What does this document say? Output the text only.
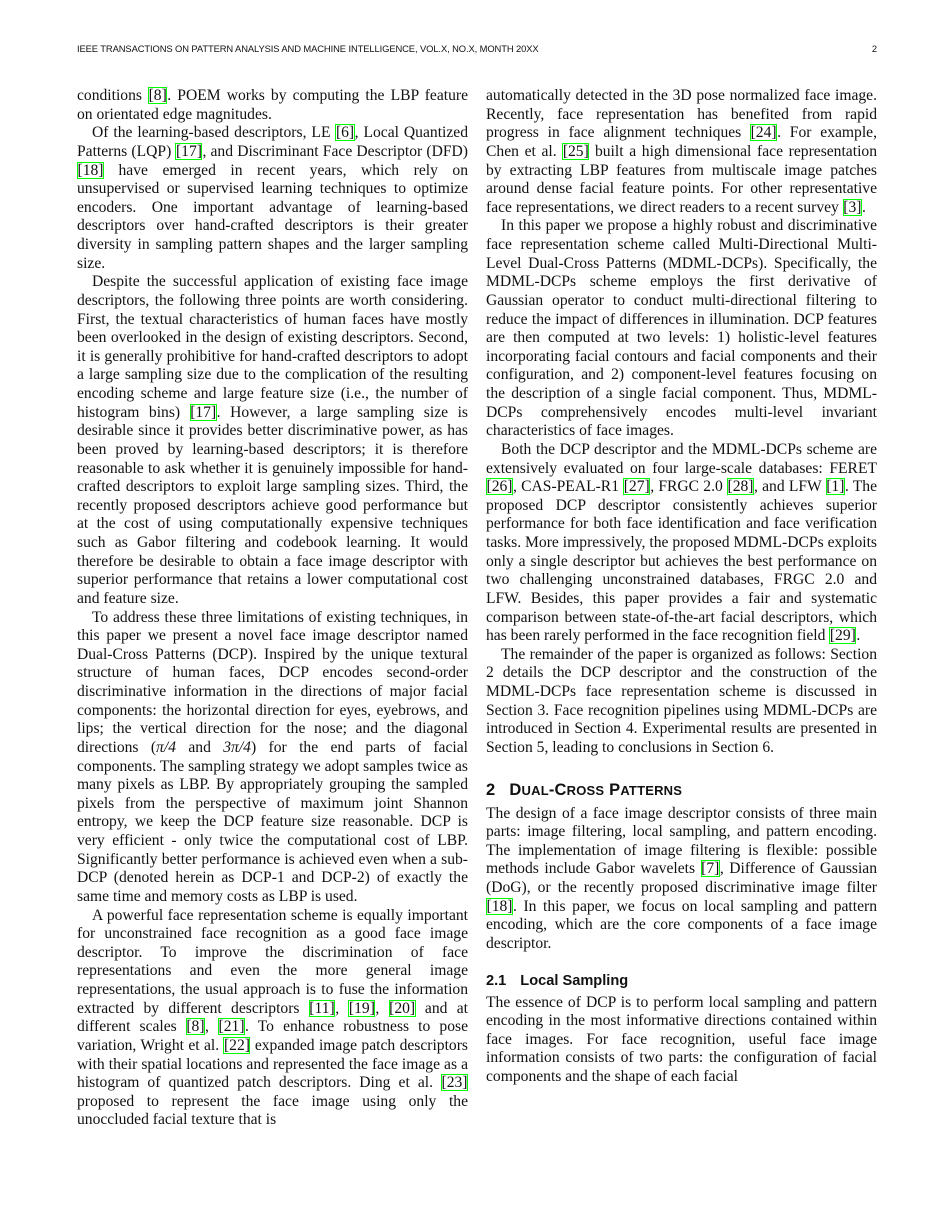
IEEE TRANSACTIONS ON PATTERN ANALYSIS AND MACHINE INTELLIGENCE, VOL.X, NO.X, MONTH 20XX	2

conditions [8]. POEM works by computing the LBP feature on orientated edge magnitudes.

Of the learning-based descriptors, LE [6], Local Quantized Patterns (LQP) [17], and Discriminant Face Descriptor (DFD) [18] have emerged in recent years, which rely on unsupervised or supervised learning techniques to optimize encoders. One important advantage of learning-based descriptors over hand-crafted descriptors is their greater diversity in sampling pattern shapes and the larger sampling size.

Despite the successful application of existing face image descriptors, the following three points are worth considering. First, the textual characteristics of human faces have mostly been overlooked in the design of existing descriptors. Second, it is generally prohibitive for hand-crafted descriptors to adopt a large sampling size due to the complication of the resulting encoding scheme and large feature size (i.e., the number of histogram bins) [17]. However, a large sampling size is desirable since it provides better discriminative power, as has been proved by learning-based descriptors; it is therefore reasonable to ask whether it is genuinely impossible for hand-crafted descriptors to exploit large sampling sizes. Third, the recently proposed descriptors achieve good performance but at the cost of using computationally expensive techniques such as Gabor filtering and codebook learning. It would therefore be desirable to obtain a face image descriptor with superior performance that retains a lower computational cost and feature size.

To address these three limitations of existing techniques, in this paper we present a novel face image descriptor named Dual-Cross Patterns (DCP). Inspired by the unique textural structure of human faces, DCP encodes second-order discriminative information in the directions of major facial components: the horizontal direction for eyes, eyebrows, and lips; the vertical direction for the nose; and the diagonal directions (π/4 and 3π/4) for the end parts of facial components. The sampling strategy we adopt samples twice as many pixels as LBP. By appropriately grouping the sampled pixels from the perspective of maximum joint Shannon entropy, we keep the DCP feature size reasonable. DCP is very efficient - only twice the computational cost of LBP. Significantly better performance is achieved even when a sub-DCP (denoted herein as DCP-1 and DCP-2) of exactly the same time and memory costs as LBP is used.

A powerful face representation scheme is equally important for unconstrained face recognition as a good face image descriptor. To improve the discrimination of face representations and even the more general image representations, the usual approach is to fuse the information extracted by different descriptors [11], [19], [20] and at different scales [8], [21]. To enhance robustness to pose variation, Wright et al. [22] expanded image patch descriptors with their spatial locations and represented the face image as a histogram of quantized patch descriptors. Ding et al. [23] proposed to represent the face image using only the unoccluded facial texture that is

automatically detected in the 3D pose normalized face image. Recently, face representation has benefited from rapid progress in face alignment techniques [24]. For example, Chen et al. [25] built a high dimensional face representation by extracting LBP features from multiscale image patches around dense facial feature points. For other representative face representations, we direct readers to a recent survey [3].

In this paper we propose a highly robust and discriminative face representation scheme called Multi-Directional Multi-Level Dual-Cross Patterns (MDML-DCPs). Specifically, the MDML-DCPs scheme employs the first derivative of Gaussian operator to conduct multi-directional filtering to reduce the impact of differences in illumination. DCP features are then computed at two levels: 1) holistic-level features incorporating facial contours and facial components and their configuration, and 2) component-level features focusing on the description of a single facial component. Thus, MDML-DCPs comprehensively encodes multi-level invariant characteristics of face images.

Both the DCP descriptor and the MDML-DCPs scheme are extensively evaluated on four large-scale databases: FERET [26], CAS-PEAL-R1 [27], FRGC 2.0 [28], and LFW [1]. The proposed DCP descriptor consistently achieves superior performance for both face identification and face verification tasks. More impressively, the proposed MDML-DCPs exploits only a single descriptor but achieves the best performance on two challenging unconstrained databases, FRGC 2.0 and LFW. Besides, this paper provides a fair and systematic comparison between state-of-the-art facial descriptors, which has been rarely performed in the face recognition field [29].

The remainder of the paper is organized as follows: Section 2 details the DCP descriptor and the construction of the MDML-DCPs face representation scheme is discussed in Section 3. Face recognition pipelines using MDML-DCPs are introduced in Section 4. Experimental results are presented in Section 5, leading to conclusions in Section 6.

2 DUAL-CROSS PATTERNS

The design of a face image descriptor consists of three main parts: image filtering, local sampling, and pattern encoding. The implementation of image filtering is flexible: possible methods include Gabor wavelets [7], Difference of Gaussian (DoG), or the recently proposed discriminative image filter [18]. In this paper, we focus on local sampling and pattern encoding, which are the core components of a face image descriptor.

2.1 Local Sampling

The essence of DCP is to perform local sampling and pattern encoding in the most informative directions contained within face images. For face recognition, useful face image information consists of two parts: the configuration of facial components and the shape of each facial
